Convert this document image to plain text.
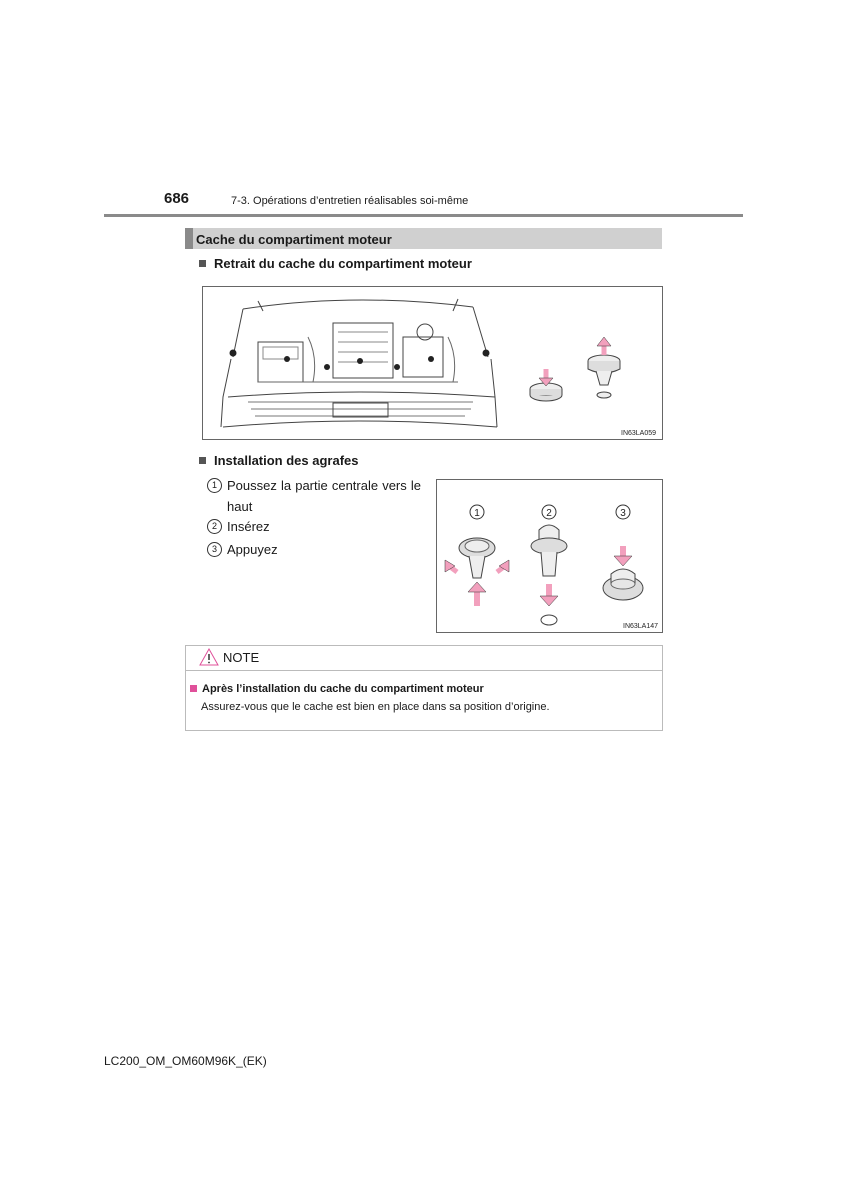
686	7-3. Opérations d’entretien réalisables soi-même
Cache du compartiment moteur
Retrait du cache du compartiment moteur
IN63LA059
Installation des agrafes
1 Poussez la partie centrale vers le haut
2 Insérez
3 Appuyez
1	2	3
IN63LA147
NOTE
Après l’installation du cache du compartiment moteur
Assurez-vous que le cache est bien en place dans sa position d’origine.
LC200_OM_OM60M96K_(EK)
